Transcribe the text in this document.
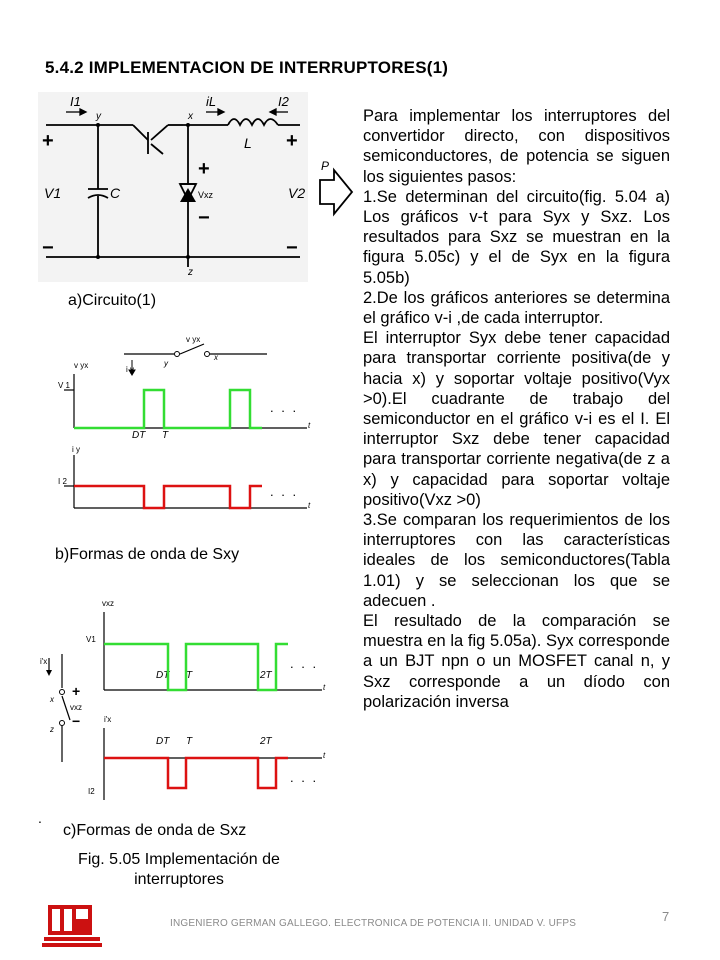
5.4.2 IMPLEMENTACION DE INTERRUPTORES(1)
I1
y	x
iL	I2
L
V1	C	Vxz	V2
z
P
+
−
+
−
+
−
a)Circuito(1)
v yx
v yx	i y
y
x
V 1
i y
I 2
DT T
t
t
. . .
. . .
b)Formas de onda de Sxy
vxz
V1
i'x
x
z
vxz
i'x
I2
DT T	2T
DT T	2T
t
t
+
−
. . .
. . .
.
c)Formas de onda de Sxz
Fig. 5.05 Implementación de interruptores

Para implementar los interruptores del convertidor directo, con dispositivos semiconductores, de potencia se siguen los siguientes pasos:

1.Se determinan del circuito(fig. 5.04 a) Los gráficos v-t para Syx y Sxz. Los resultados para Sxz se muestran en la figura 5.05c) y el de Syx en la figura 5.05b)

2.De los gráficos anteriores se determina el gráfico v-i ,de cada interruptor.

El interruptor Syx debe tener capacidad para transportar corriente positiva(de y hacia x) y soportar voltaje positivo(Vyx >0).El cuadrante de trabajo del semiconductor en el gráfico v-i es el I. El interruptor Sxz debe tener capacidad para transportar corriente negativa(de z a x) y capacidad para soportar voltaje positivo(Vxz >0)

3.Se comparan los requerimientos de los interruptores con las características ideales de los semiconductores(Tabla 1.01) y se seleccionan los que se adecuen .

El resultado de la comparación se muestra en la fig 5.05a). Syx corresponde a un BJT npn o un MOSFET canal n, y Sxz corresponde a un díodo con polarización inversa

INGENIERO GERMAN GALLEGO. ELECTRONICA DE POTENCIA II. UNIDAD V. UFPS	7
